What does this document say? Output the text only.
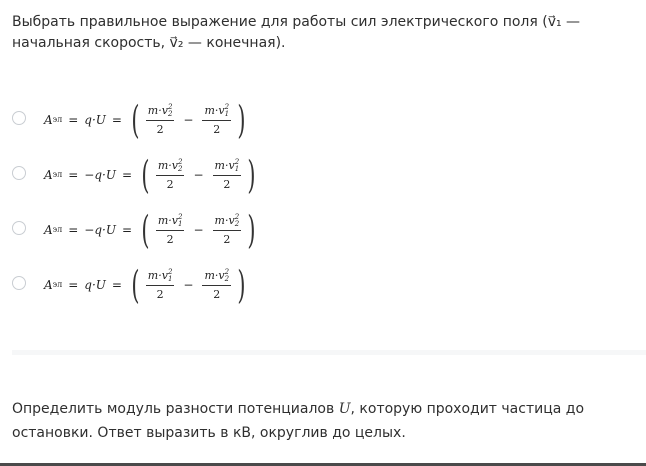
Выбрать правильное выражение для работы сил электрического поля (v⃗₁ — начальная скорость, v⃗₂ — конечная).
A эл = q·U = ( m·v 2
2
2 − m·v 2
1
2 )
A эл = −q·U = ( m·v 2
2
2 − m·v 2
1
2 )
A эл = −q·U = ( m·v 2
1
2 − m·v 2
2
2 )
A эл = q·U = ( m·v 2
1
2 − m·v 2
2
2 )
Определить модуль разности потенциалов U, которую проходит частица до остановки. Ответ выразить в кВ, округлив до целых.
